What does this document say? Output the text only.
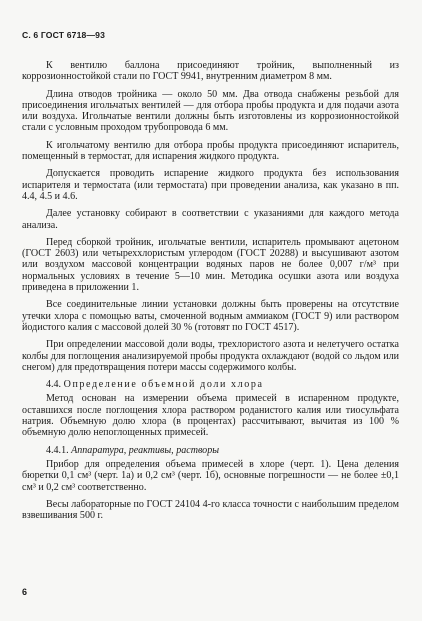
С. 6 ГОСТ 6718—93

К вентилю баллона присоединяют тройник, выполненный из коррозионностойкой стали по ГОСТ 9941, внутренним диаметром 8 мм.

Длина отводов тройника — около 50 мм. Два отвода снабжены резьбой для присоединения игольчатых вентилей — для отбора пробы продукта и для подачи азота или воздуха. Игольчатые вентили должны быть изготовлены из коррозионностойкой стали с условным проходом трубопровода 6 мм.

К игольчатому вентилю для отбора пробы продукта присоединяют испаритель, помещенный в термостат, для испарения жидкого продукта.

Допускается проводить испарение жидкого продукта без использования испарителя и термостата (или термостата) при проведении анализа, как указано в пп. 4.4, 4.5 и 4.6.

Далее установку собирают в соответствии с указаниями для каждого метода анализа.

Перед сборкой тройник, игольчатые вентили, испаритель промывают ацетоном (ГОСТ 2603) или четыреххлористым углеродом (ГОСТ 20288) и высушивают азотом или воздухом массовой концентрации водяных паров не более 0,007 г/м³ при нормальных условиях в течение 5—10 мин. Методика осушки азота или воздуха приведена в приложении 1.

Все соединительные линии установки должны быть проверены на отсутствие утечки хлора с помощью ваты, смоченной водным аммиаком (ГОСТ 9) или раствором йодистого калия с массовой долей 30 % (готовят по ГОСТ 4517).

При определении массовой доли воды, трехлористого азота и нелетучего остатка колбы для поглощения анализируемой пробы продукта охлаждают (водой со льдом или снегом) для предотвращения потери массы содержимого колбы.

4.4. Определение объемной доли хлора

Метод основан на измерении объема примесей в испаренном продукте, оставшихся после поглощения хлора раствором роданистого калия или тиосульфата натрия. Объемную долю хлора (в процентах) рассчитывают, вычитая из 100 % объемную долю непоглощенных примесей.

4.4.1. Аппаратура, реактивы, растворы

Прибор для определения объема примесей в хлоре (черт. 1). Цена деления бюретки 0,1 см³ (черт. 1а) и 0,2 см³ (черт. 1б), основные погрешности — не более ±0,1 см³ и 0,2 см³ соответственно.

Весы лабораторные по ГОСТ 24104 4-го класса точности с наибольшим пределом взвешивания 500 г.

6
